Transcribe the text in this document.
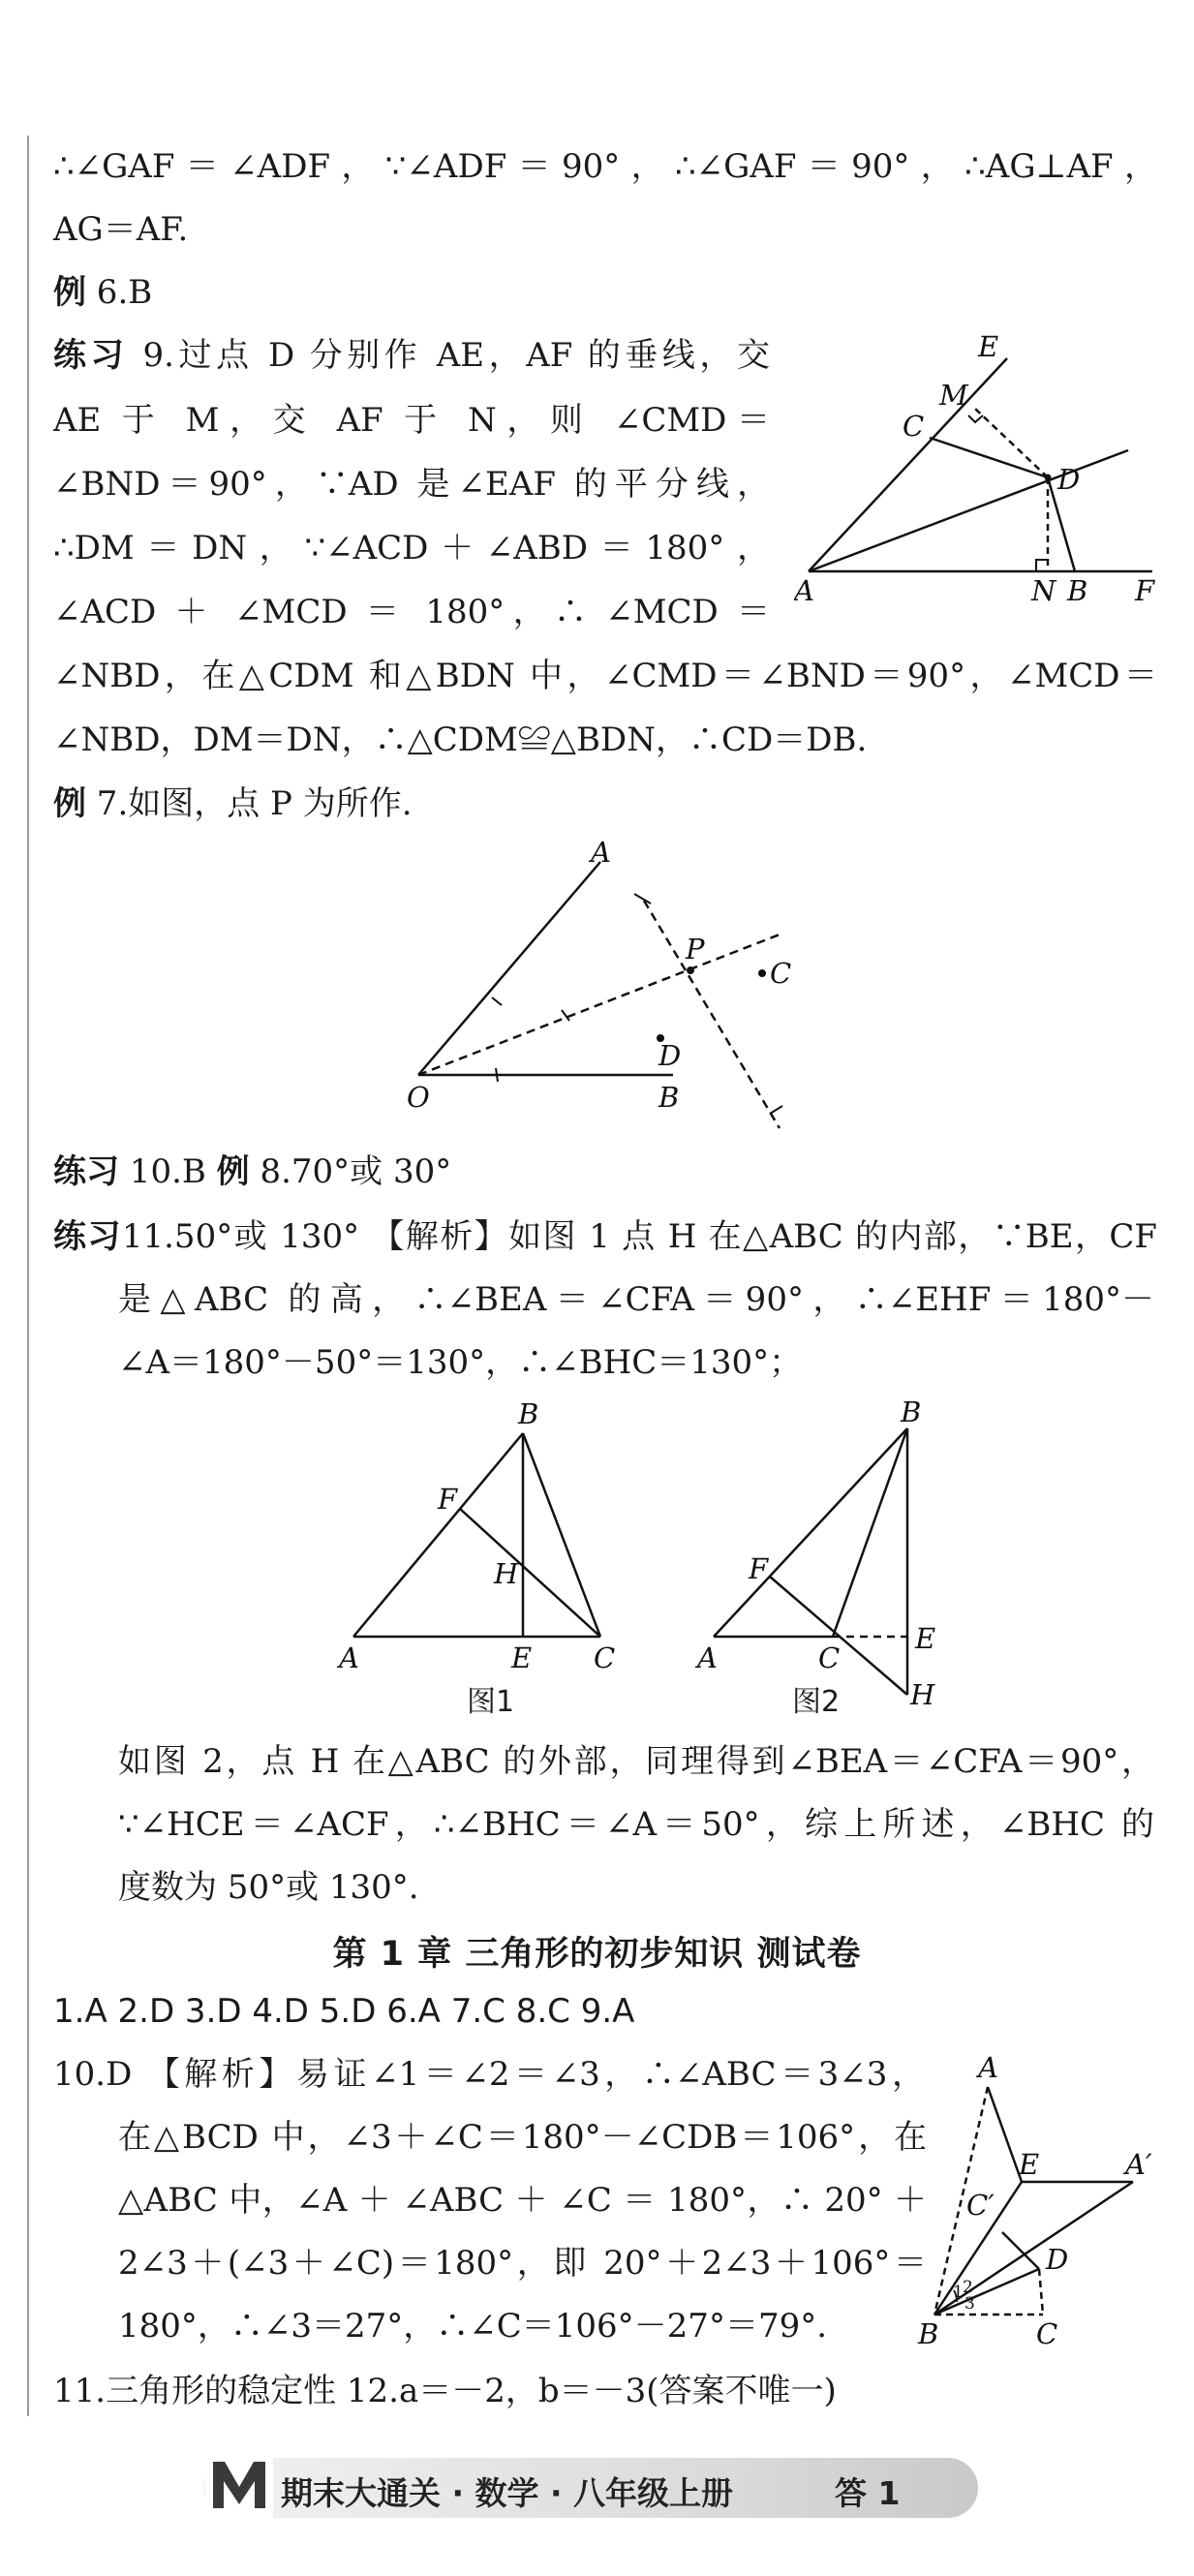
∴∠GAF＝∠ADF，∵∠ADF＝90°，∴∠GAF＝90°，∴AG⊥AF，
AG＝AF.
例 6.B
练习 9.过点 D 分别作 AE，AF 的垂线，交
AE 于 M，交 AF 于 N，则 ∠CMD＝
∠BND＝90°，∵AD 是∠EAF 的平分线，
∴DM＝DN，∵∠ACD＋∠ABD＝180°，
∠ACD ＋ ∠MCD ＝ 180°，∴ ∠MCD ＝
∠NBD，在△CDM 和△BDN 中，∠CMD＝∠BND＝90°，∠MCD＝
∠NBD，DM＝DN，∴△CDM≌△BDN，∴CD＝DB.
例 7.如图，点 P 为所作.
练习 10.B 例 8.70°或 30°
练习11.50°或 130° 【解析】如图 1 点 H 在△ABC 的内部，∵BE，CF
是△ABC 的高，∴∠BEA＝∠CFA＝90°，∴∠EHF＝180°－
∠A＝180°－50°＝130°，∴∠BHC＝130°；
如图 2，点 H 在△ABC 的外部，同理得到∠BEA＝∠CFA＝90°，
∵∠HCE＝∠ACF，∴∠BHC＝∠A＝50°，综上所述，∠BHC 的
度数为 50°或 130°.
第 1 章 三角形的初步知识 测试卷
1.A 2.D 3.D 4.D 5.D 6.A 7.C 8.C 9.A
10.D 【解析】易证∠1＝∠2＝∠3，∴∠ABC＝3∠3，
在△BCD 中，∠3＋∠C＝180°－∠CDB＝106°，在
△ABC 中，∠A ＋ ∠ABC ＋ ∠C ＝ 180°，∴ 20° ＋
2∠3＋(∠3＋∠C)＝180°，即 20°＋2∠3＋106°＝
180°，∴∠3＝27°，∴∠C＝106°－27°＝79°.
11.三角形的稳定性 12.a＝－2，b＝－3(答案不唯一)
E
M
C
D
A	N B F
A
P
C
D
O	B
B
F
H
A	E C
图1
B
F
A	C
E
H
图2
A
E	A′
C′
D
B	C
1 2
3
期末大通关 · 数学 · 八年级上册	答 1
